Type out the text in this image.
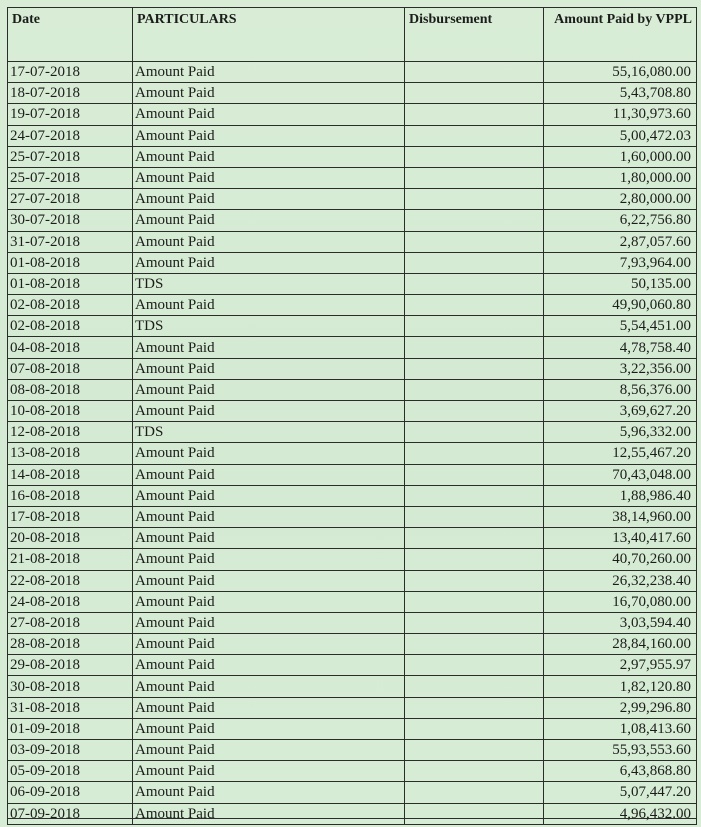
Date	PARTICULARS	Disbursement	Amount Paid by VPPL
17-07-2018	Amount Paid		55,16,080.00
18-07-2018	Amount Paid		5,43,708.80
19-07-2018	Amount Paid		11,30,973.60
24-07-2018	Amount Paid		5,00,472.03
25-07-2018	Amount Paid		1,60,000.00
25-07-2018	Amount Paid		1,80,000.00
27-07-2018	Amount Paid		2,80,000.00
30-07-2018	Amount Paid		6,22,756.80
31-07-2018	Amount Paid		2,87,057.60
01-08-2018	Amount Paid		7,93,964.00
01-08-2018	TDS		50,135.00
02-08-2018	Amount Paid		49,90,060.80
02-08-2018	TDS		5,54,451.00
04-08-2018	Amount Paid		4,78,758.40
07-08-2018	Amount Paid		3,22,356.00
08-08-2018	Amount Paid		8,56,376.00
10-08-2018	Amount Paid		3,69,627.20
12-08-2018	TDS		5,96,332.00
13-08-2018	Amount Paid		12,55,467.20
14-08-2018	Amount Paid		70,43,048.00
16-08-2018	Amount Paid		1,88,986.40
17-08-2018	Amount Paid		38,14,960.00
20-08-2018	Amount Paid		13,40,417.60
21-08-2018	Amount Paid		40,70,260.00
22-08-2018	Amount Paid		26,32,238.40
24-08-2018	Amount Paid		16,70,080.00
27-08-2018	Amount Paid		3,03,594.40
28-08-2018	Amount Paid		28,84,160.00
29-08-2018	Amount Paid		2,97,955.97
30-08-2018	Amount Paid		1,82,120.80
31-08-2018	Amount Paid		2,99,296.80
01-09-2018	Amount Paid		1,08,413.60
03-09-2018	Amount Paid		55,93,553.60
05-09-2018	Amount Paid		6,43,868.80
06-09-2018	Amount Paid		5,07,447.20
07-09-2018	Amount Paid		4,96,432.00
